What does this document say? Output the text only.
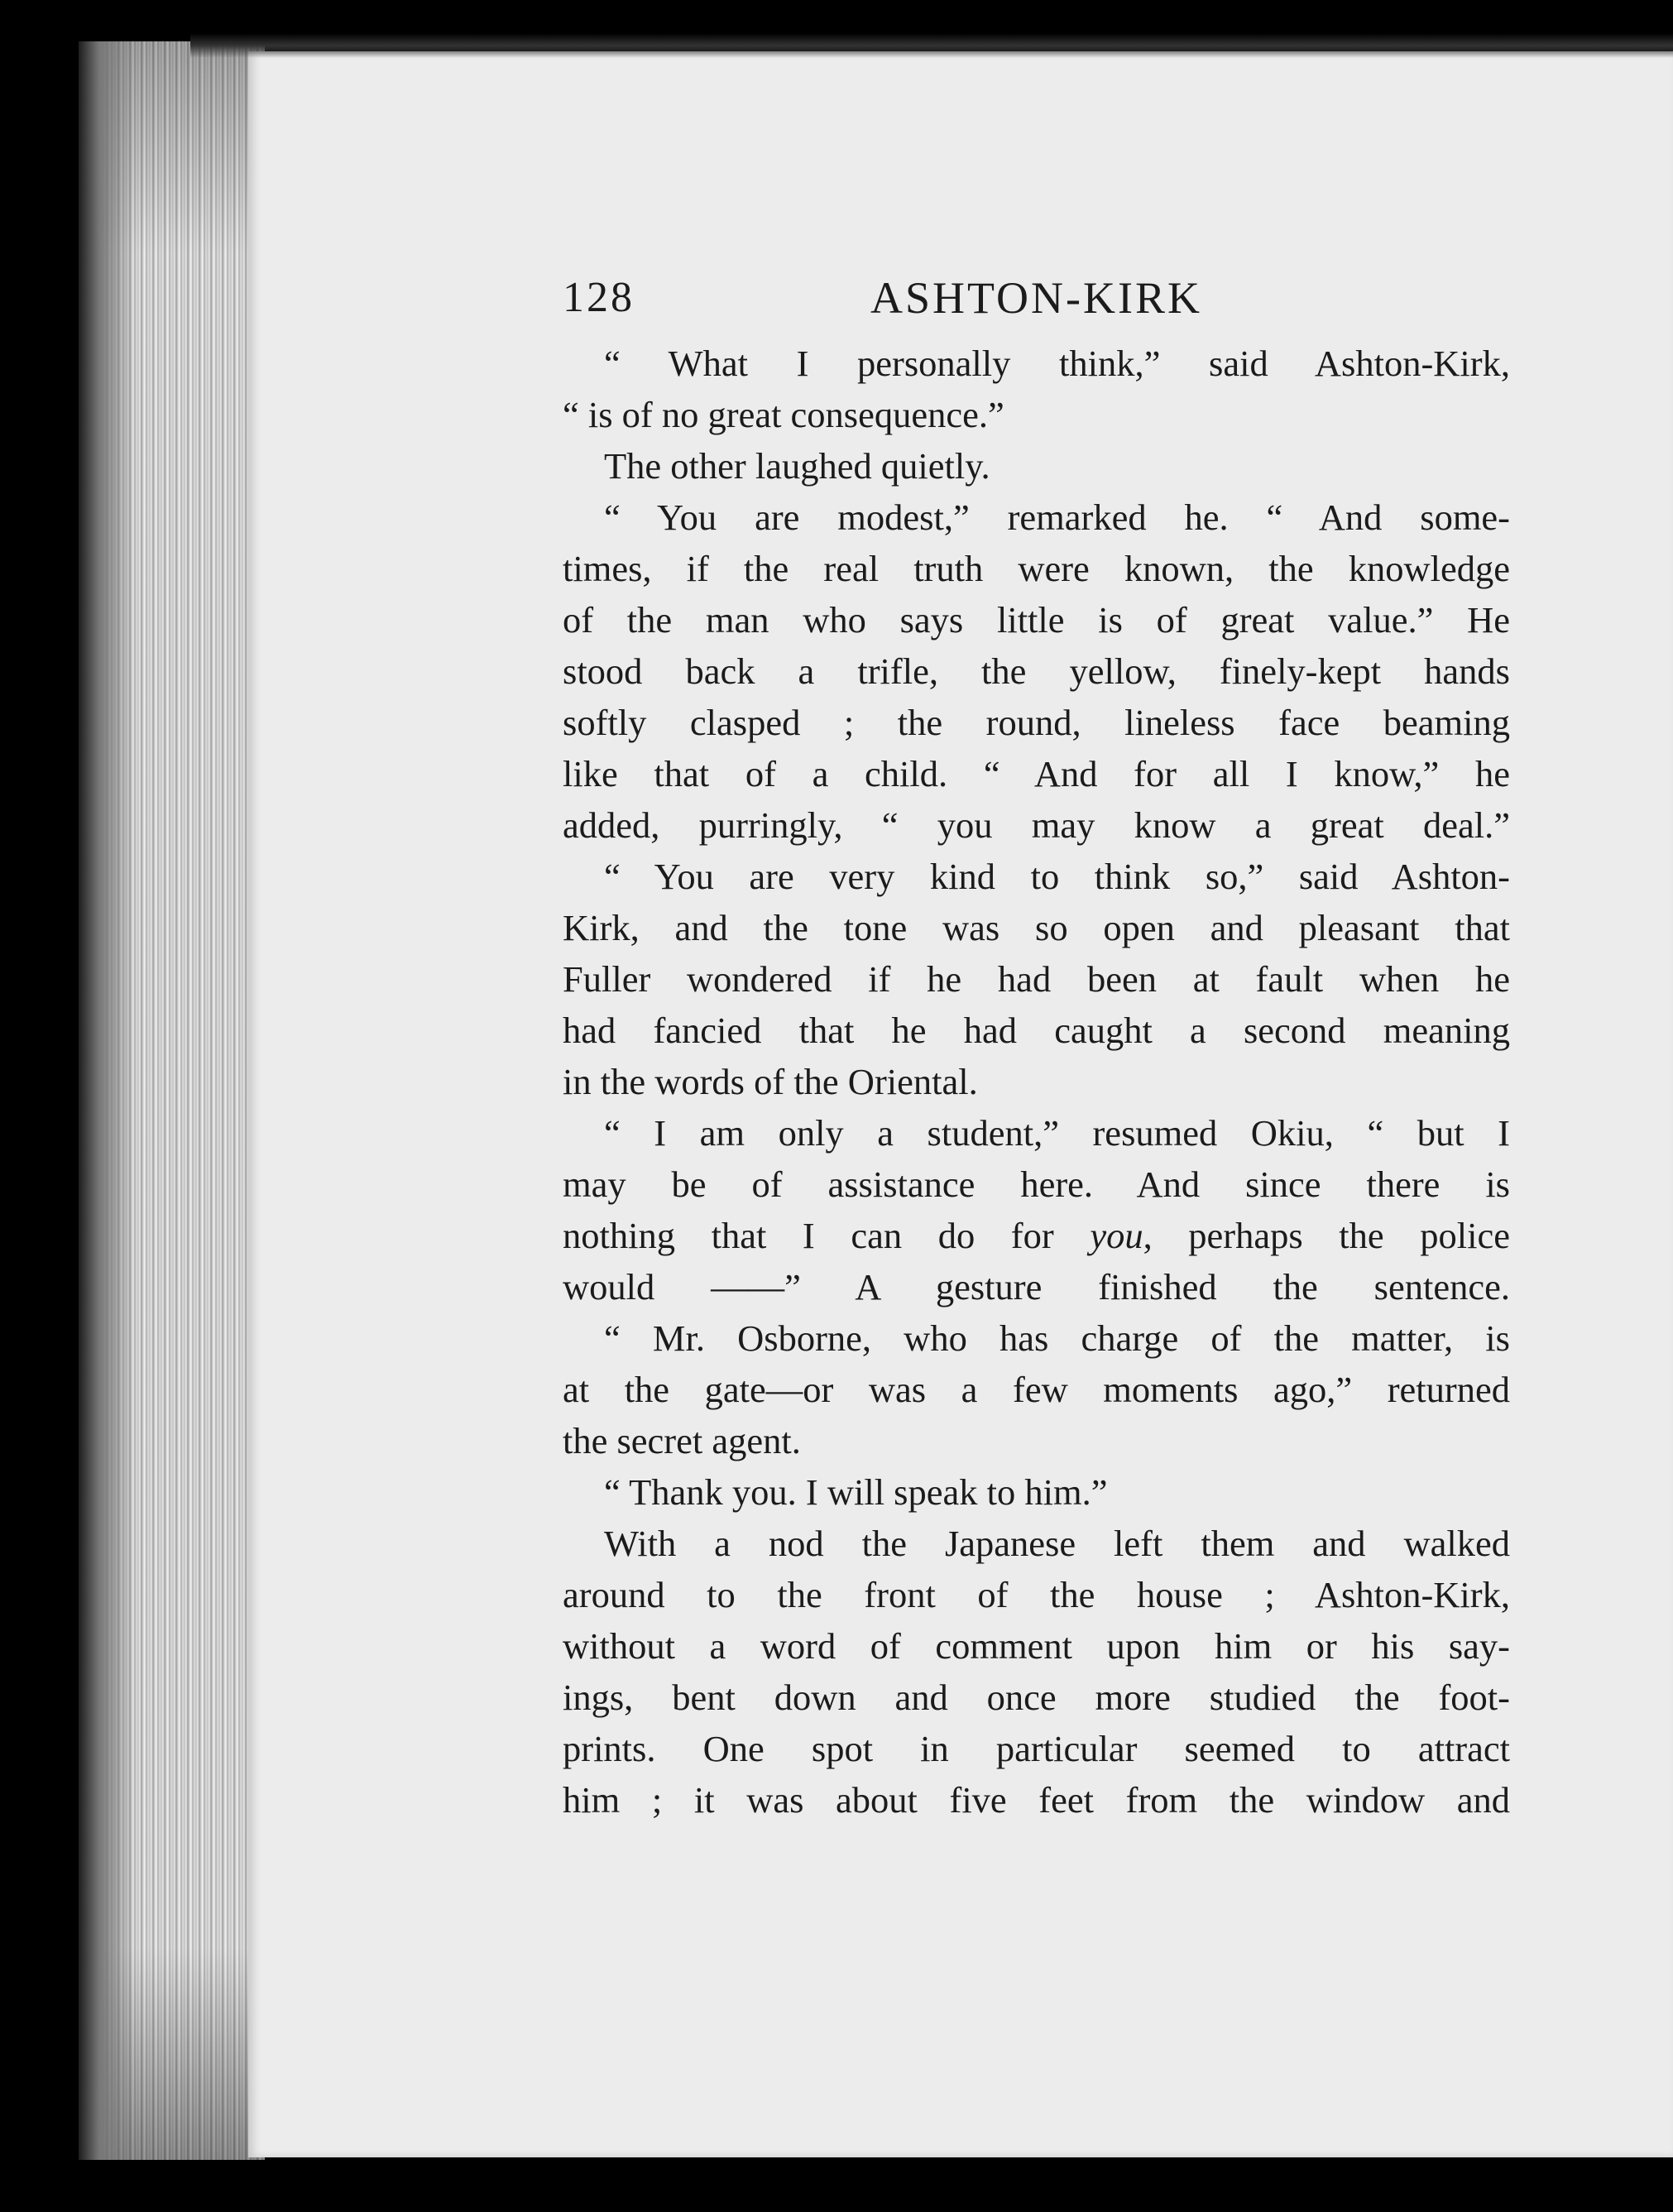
128	ASHTON-KIRK
“ What I personally think,” said Ashton-Kirk,
“ is of no great consequence.”
The other laughed quietly.
“ You are modest,” remarked he. “ And some-
times, if the real truth were known, the knowledge
of the man who says little is of great value.” He
stood back a trifle, the yellow, finely-kept hands
softly clasped ; the round, lineless face beaming
like that of a child. “ And for all I know,” he
added, purringly, “ you may know a great deal.”
“ You are very kind to think so,” said Ashton-
Kirk, and the tone was so open and pleasant that
Fuller wondered if he had been at fault when he
had fancied that he had caught a second meaning
in the words of the Oriental.
“ I am only a student,” resumed Okiu, “ but I
may be of assistance here. And since there is
nothing that I can do for you, perhaps the police
would ——” A gesture finished the sentence.
“ Mr. Osborne, who has charge of the matter, is
at the gate—or was a few moments ago,” returned
the secret agent.
“ Thank you. I will speak to him.”
With a nod the Japanese left them and walked
around to the front of the house ; Ashton-Kirk,
without a word of comment upon him or his say-
ings, bent down and once more studied the foot-
prints. One spot in particular seemed to attract
him ; it was about five feet from the window and
